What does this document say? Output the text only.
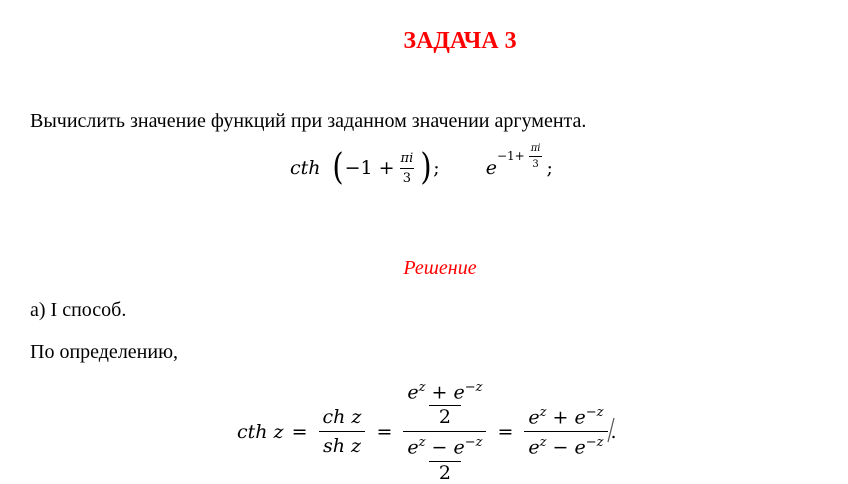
ЗАДАЧА 3
Вычислить значение функций при заданном значении аргумента.
cth ( $-1 + \frac{\pi i}{3}$ ) ; e
$-1+ \frac{\pi i}{3}$ ;
Решение
а) I способ.
По определению,
cth $z = \frac{\text{ch z}}{\text{sh z}} = \frac{e^z + e^{-z}}{2}$
$e^z - e^{-z}$
$2 = \frac{e^z + e^{-z}}{e^z - e^{-z}}$ .
